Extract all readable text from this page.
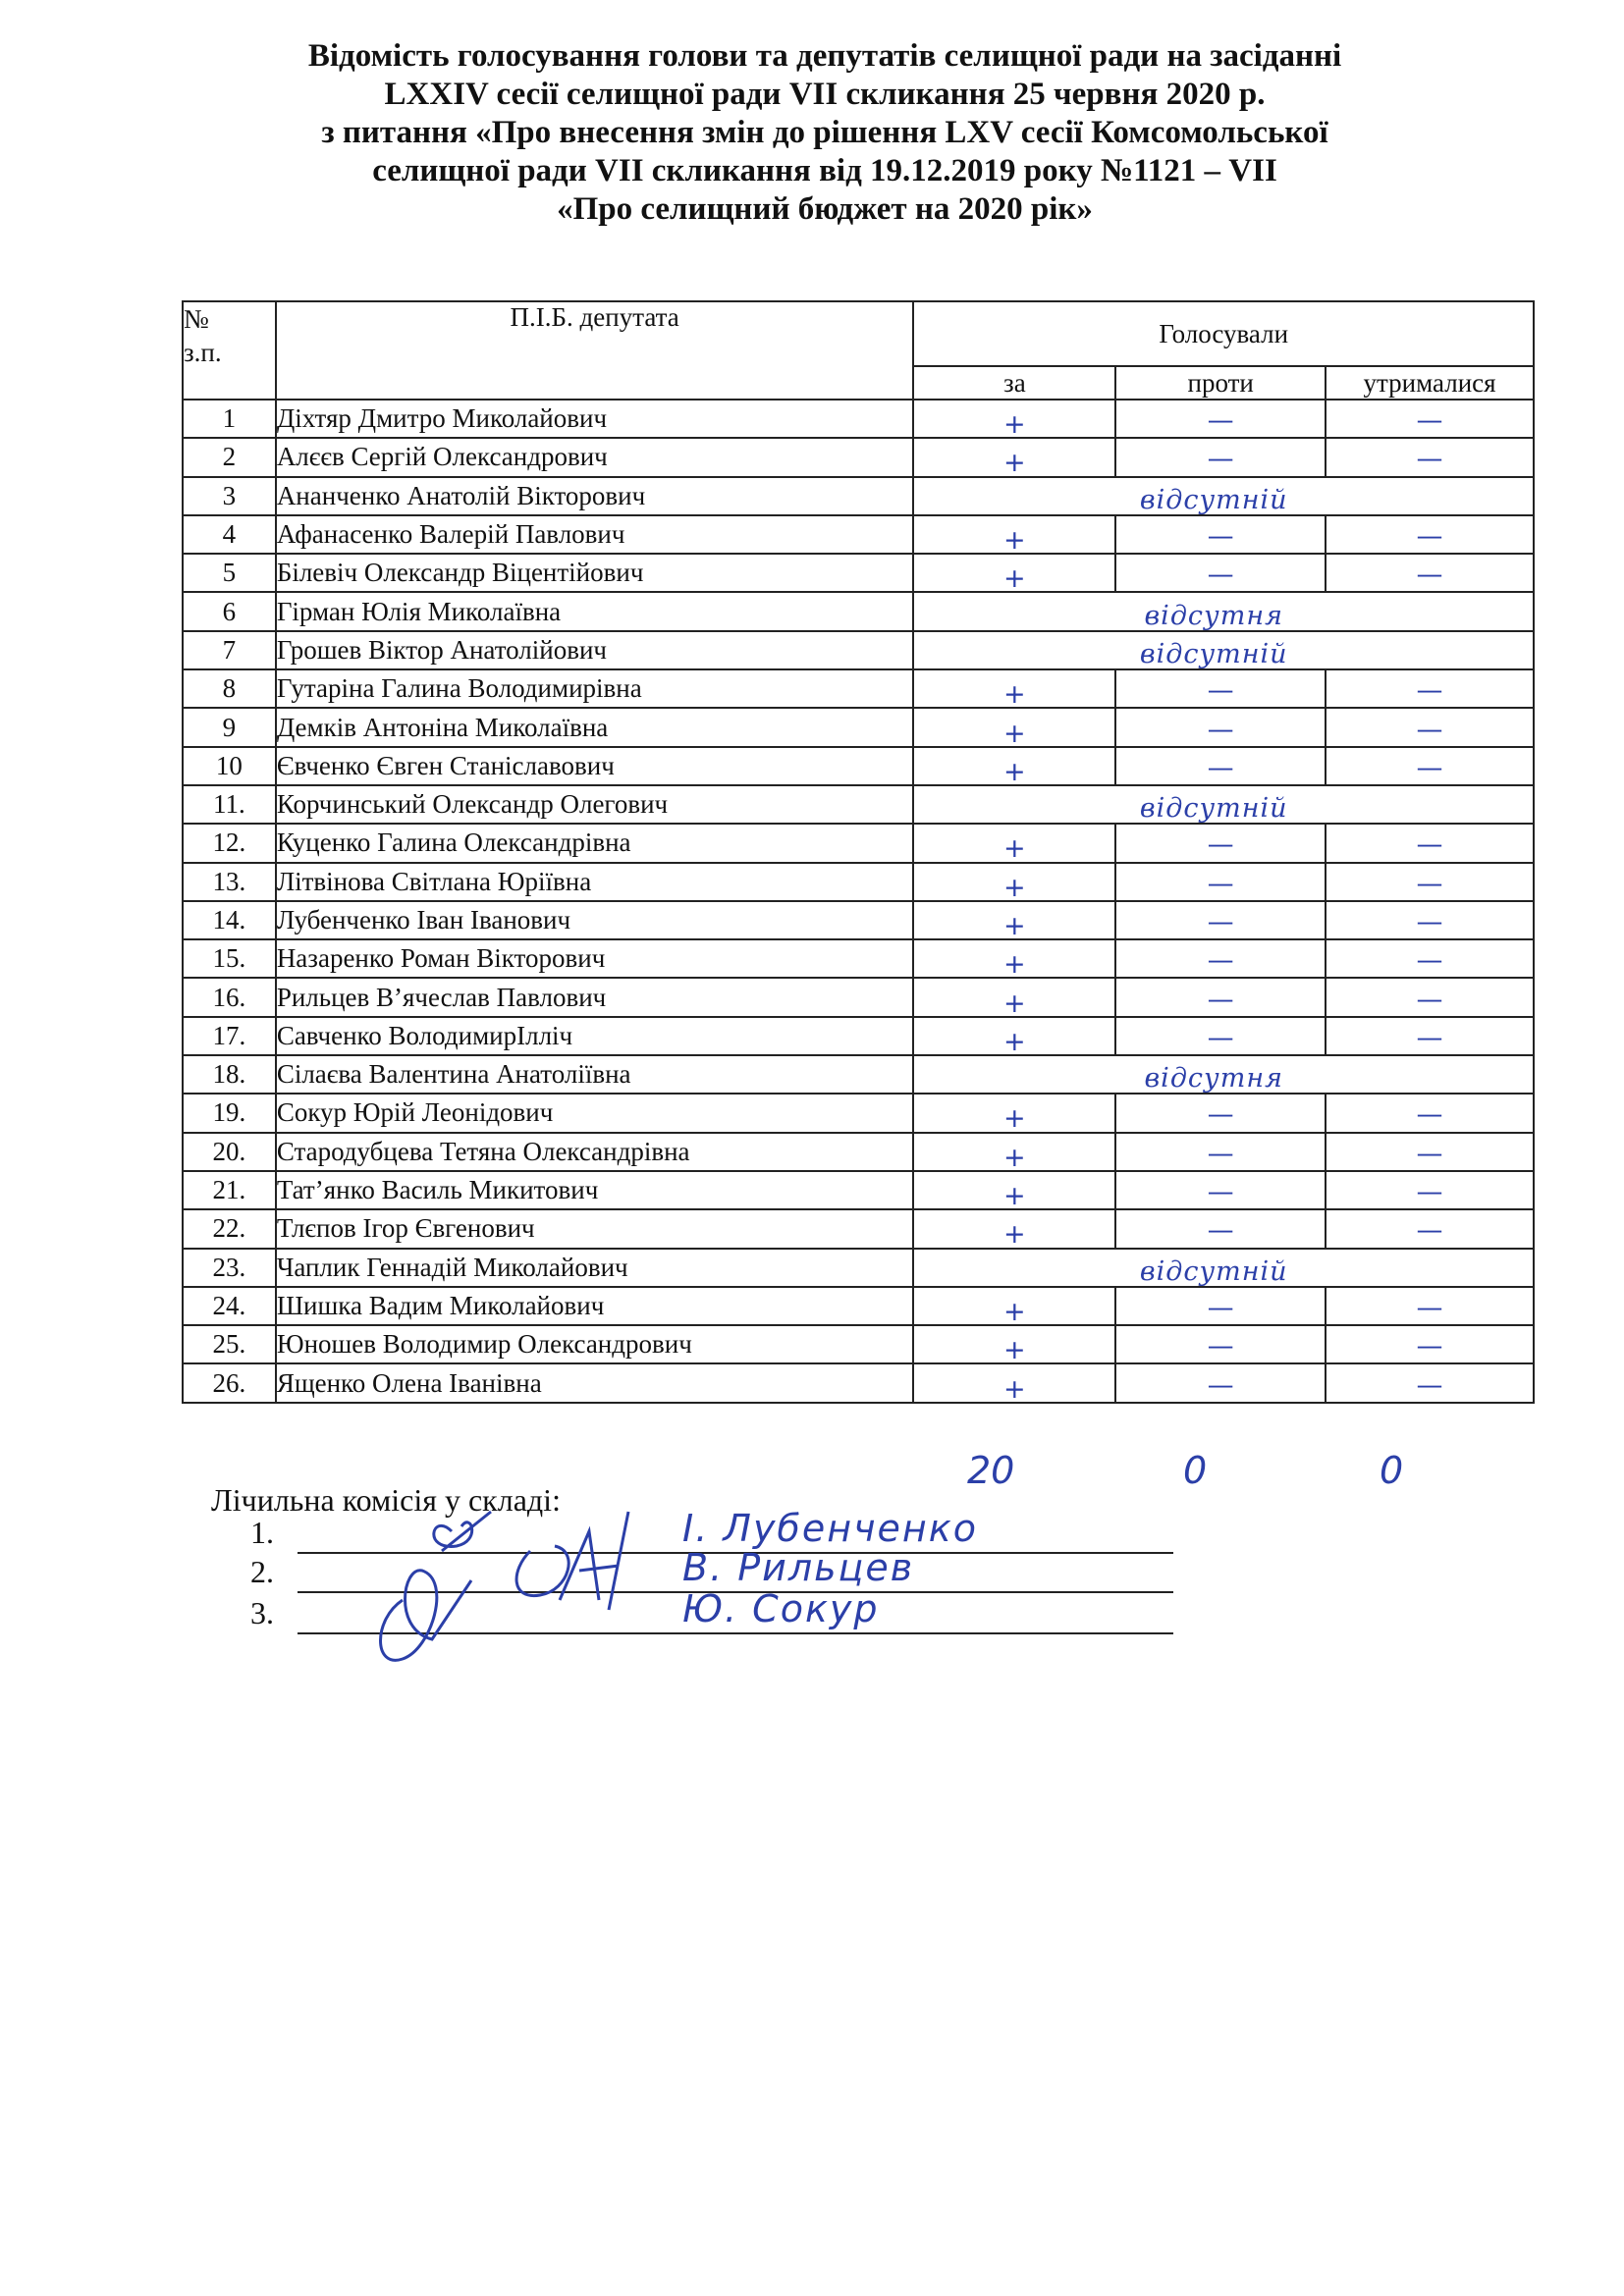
Відомість голосування голови та депутатів селищної ради на засіданні
LXXIV сесії селищної ради VII скликання 25 червня 2020 р.
з питання «Про внесення змін до рішення LXV сесії Комсомольської
селищної ради VII скликання від 19.12.2019 року №1121 – VII
«Про селищний бюджет на 2020 рік»
№
з.п.	П.І.Б. депутата	Голосували		
		за	проти	утрималися
1	Діхтяр Дмитро Миколайович	+	—	—
2	Алєєв Сергій Олександрович	+	—	—
3	Ананченко Анатолій Вікторович	відсутній		
4	Афанасенко Валерій Павлович	+	—	—
5	Білевіч Олександр Віцентійович	+	—	—
6	Гірман Юлія Миколаївна	відсутня		
7	Грошев Віктор Анатолійович	відсутній		
8	Гутаріна Галина Володимирівна	+	—	—
9	Демків Антоніна Миколаївна	+	—	—
10	Євченко Євген Станіславович	+	—	—
11.	Корчинський Олександр Олегович	відсутній		
12.	Куценко Галина Олександрівна	+	—	—
13.	Літвінова Світлана Юріївна	+	—	—
14.	Лубенченко Іван Іванович	+	—	—
15.	Назаренко Роман Вікторович	+	—	—
16.	Рильцев В’ячеслав Павлович	+	—	—
17.	Савченко ВолодимирІлліч	+	—	—
18.	Сілаєва Валентина Анатоліївна	відсутня		
19.	Сокур Юрій Леонідович	+	—	—
20.	Стародубцева Тетяна Олександрівна	+	—	—
21.	Тат’янко Василь Микитович	+	—	—
22.	Тлєпов Ігор Євгенович	+	—	—
23.	Чаплик Геннадій Миколайович	відсутній		
24.	Шишка Вадим Миколайович	+	—	—
25.	Юношев Володимир Олександрович	+	—	—
26.	Ященко Олена Іванівна	+	—	—
20	0	0
Лічильна комісія у складі:
1.	І. Лубенченко
2.	В. Рильцев
3.	Ю. Сокур
